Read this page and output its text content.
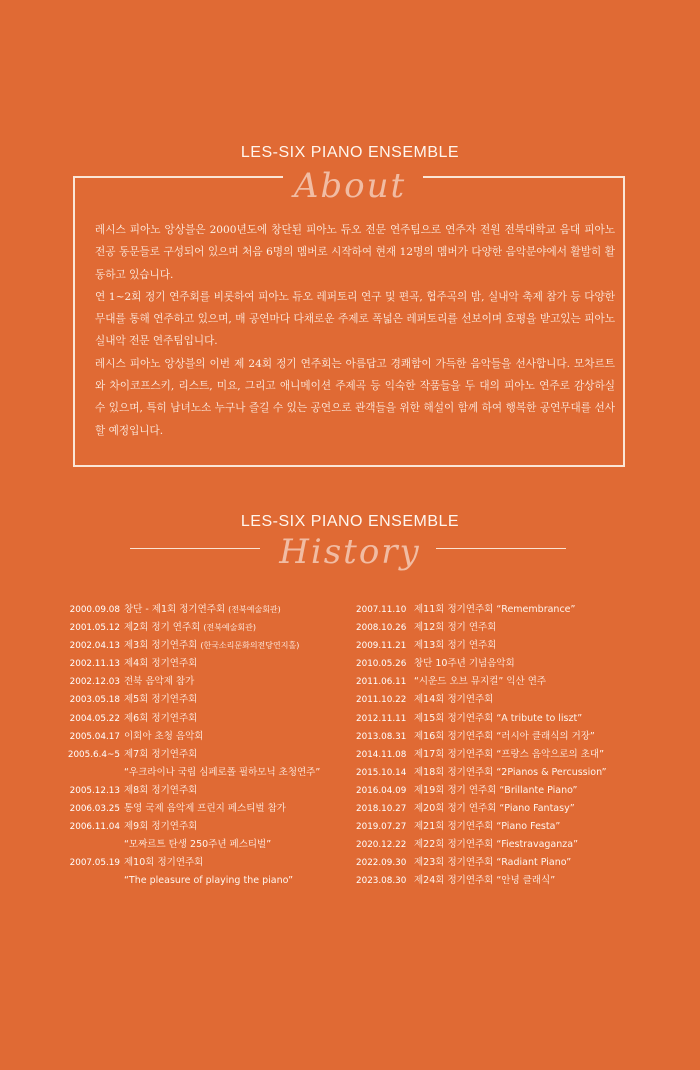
LES-SIX PIANO ENSEMBLE
About

레시스 피아노 앙상블은 2000년도에 창단된 피아노 듀오 전문 연주팀으로 연주자 전원 전북대학교 음대 피아노 전공 동문들로 구성되어 있으며 처음 6명의 멤버로 시작하여 현재 12명의 멤버가 다양한 음악분야에서 활발히 활동하고 있습니다.

연 1~2회 정기 연주회를 비롯하여 피아노 듀오 레퍼토리 연구 및 편곡, 협주곡의 밤, 실내악 축제 참가 등 다양한 무대를 통해 연주하고 있으며, 매 공연마다 다채로운 주제로 폭넓은 레퍼토리를 선보이며 호평을 받고있는 피아노 실내악 전문 연주팀입니다.

레시스 피아노 앙상블의 이번 제 24회 정기 연주회는 아름답고 경쾌함이 가득한 음악들을 선사합니다. 모차르트와 차이코프스키, 리스트, 미요, 그리고 애니메이션 주제곡 등 익숙한 작품들을 두 대의 피아노 연주로 감상하실 수 있으며, 특히 남녀노소 누구나 즐길 수 있는 공연으로 관객들을 위한 해설이 함께 하여 행복한 공연무대를 선사할 예정입니다.

LES-SIX PIANO ENSEMBLE
History
2000.09.08 창단 - 제1회 정기연주회 (전북예술회관)
2001.05.12 제2회 정기 연주회 (전북예술회관)
2002.04.13 제3회 정기연주회 (한국소리문화의전당연지홀)
2002.11.13 제4회 정기연주회
2002.12.03 전북 음악제 참가
2003.05.18 제5회 정기연주회
2004.05.22 제6회 정기연주회
2005.04.17 이회아 초청 음악회
2005.6.4~5 제7회 정기연주회
“우크라이나 국립 심페로폴 필하모닉 초청연주”
2005.12.13 제8회 정기연주회
2006.03.25 통영 국제 음악제 프린지 페스티벌 참가
2006.11.04 제9회 정기연주회
“모짜르트 탄생 250주년 페스티벌”
2007.05.19 제10회 정기연주회
“The pleasure of playing the piano”
2007.11.10 제11회 정기연주회 “Remembrance”
2008.10.26 제12회 정기 연주회
2009.11.21 제13회 정기 연주회
2010.05.26 창단 10주년 기념음악회
2011.06.11 “시운드 오브 뮤지컬” 익산 연주
2011.10.22 제14회 정기연주회
2012.11.11 제15회 정기연주회 “A tribute to liszt”
2013.08.31 제16회 정기연주회 “러시아 클래식의 거장”
2014.11.08 제17회 정기연주회 “프랑스 음악으로의 초대”
2015.10.14 제18회 정기연주회 “2Pianos & Percussion”
2016.04.09 제19회 정기 연주회 “Brillante Piano”
2018.10.27 제20회 정기 연주회 “Piano Fantasy”
2019.07.27 제21회 정기연주회 “Piano Festa”
2020.12.22 제22회 정기연주회 “Fiestravaganza”
2022.09.30 제23회 정기연주회 “Radiant Piano”
2023.08.30 제24회 정기연주회 “안녕 클래식”
